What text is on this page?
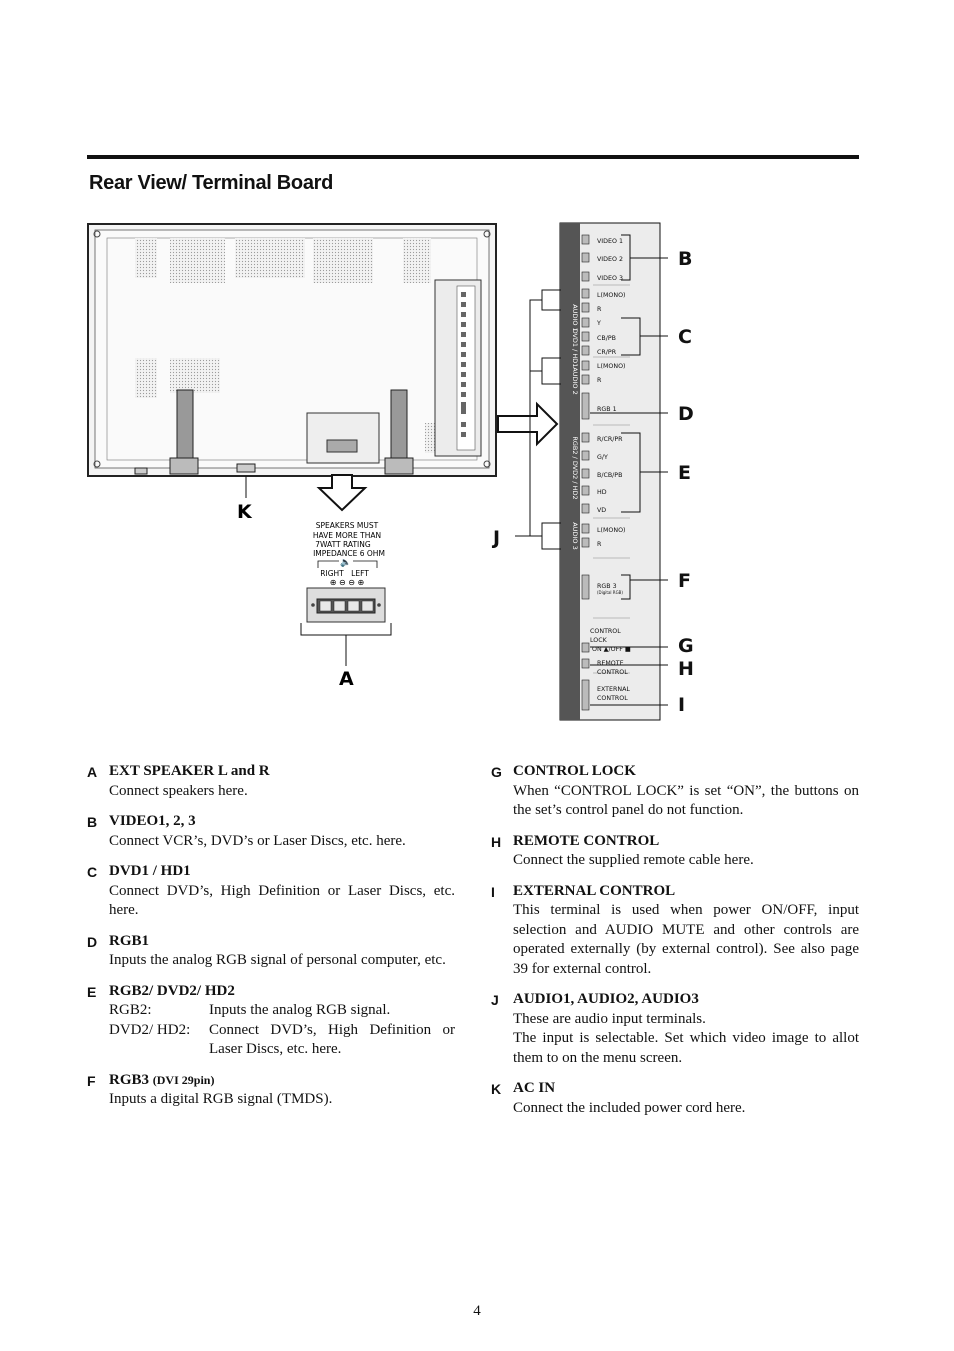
Rear View/ Terminal Board
K
SPEAKERS MUST
HAVE MORE THAN
7WATT RATING
IMPEDANCE 6 OHM
🔈
RIGHT LEFT
⊕ ⊖ ⊖ ⊕
A
AUDIO 1
DVD1 / HD1
AUDIO 2
RGB2 / DVD2 / HD2
AUDIO 3
VIDEO 1
VIDEO 2
VIDEO 3
L(MONO)
R
Y
CB/PB
CR/PR
L(MONO)
R
RGB 1
R/CR/PR
G/Y
B/CB/PB
HD
VD
L(MONO)
R
RGB 3
(Digital RGB)
CONTROL
LOCK
ON ▲/OFF ■
REMOTE
CONTROL
EXTERNAL
CONTROL
B
C
D
E
F
G
H
I
J
A EXT SPEAKER L and R
Connect speakers here.
B VIDEO1, 2, 3
Connect VCR’s, DVD’s or Laser Discs, etc. here.
C DVD1 / HD1
Connect DVD’s, High Definition or Laser Discs, etc. here.
D RGB1
Inputs the analog RGB signal of personal computer, etc.
E RGB2/ DVD2/ HD2
RGB2:	Inputs the analog RGB signal.
DVD2/ HD2:	Connect DVD’s, High Definition or Laser Discs, etc. here.
F RGB3 (DVI 29pin)
Inputs a digital RGB signal (TMDS).
G CONTROL LOCK
When “CONTROL LOCK” is set “ON”, the buttons on the set’s control panel do not function.
H REMOTE CONTROL
Connect the supplied remote cable here.
I EXTERNAL CONTROL
This terminal is used when power ON/OFF, input selection and AUDIO MUTE and other controls are operated externally (by external control). See also page 39 for external control.
J AUDIO1, AUDIO2, AUDIO3
These are audio input terminals.
The input is selectable. Set which video image to allot them to on the menu screen.
K AC IN
Connect the included power cord here.
4
